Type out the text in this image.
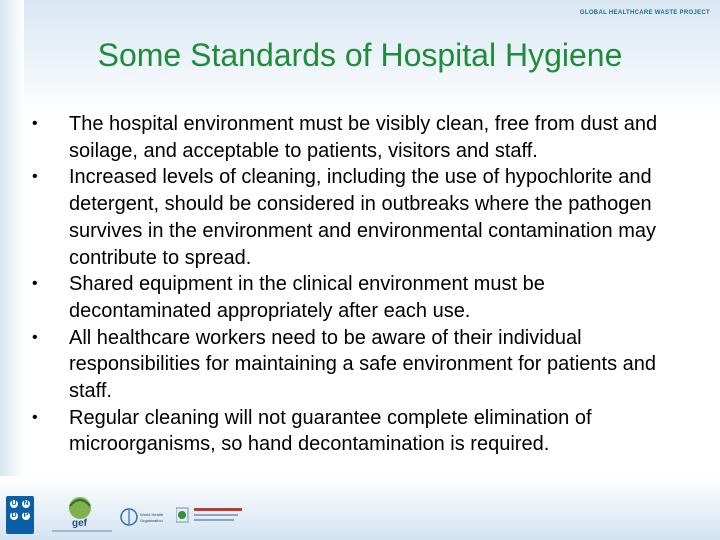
GLOBAL HEALTHCARE WASTE PROJECT
Some Standards of Hospital Hygiene
• The hospital environment must be visibly clean, free from dust and soilage, and acceptable to patients, visitors and staff.
• Increased levels of cleaning, including the use of hypochlorite and detergent, should be considered in outbreaks where the pathogen survives in the environment and environmental contamination may contribute to spread.
• Shared equipment in the clinical environment must be decontaminated appropriately after each use.
• All healthcare workers need to be aware of their individual responsibilities for maintaining a safe environment for patients and staff.
• Regular cleaning will not guarantee complete elimination of microorganisms, so hand decontamination is required.
U N
D P
gef
World Health
Organization
